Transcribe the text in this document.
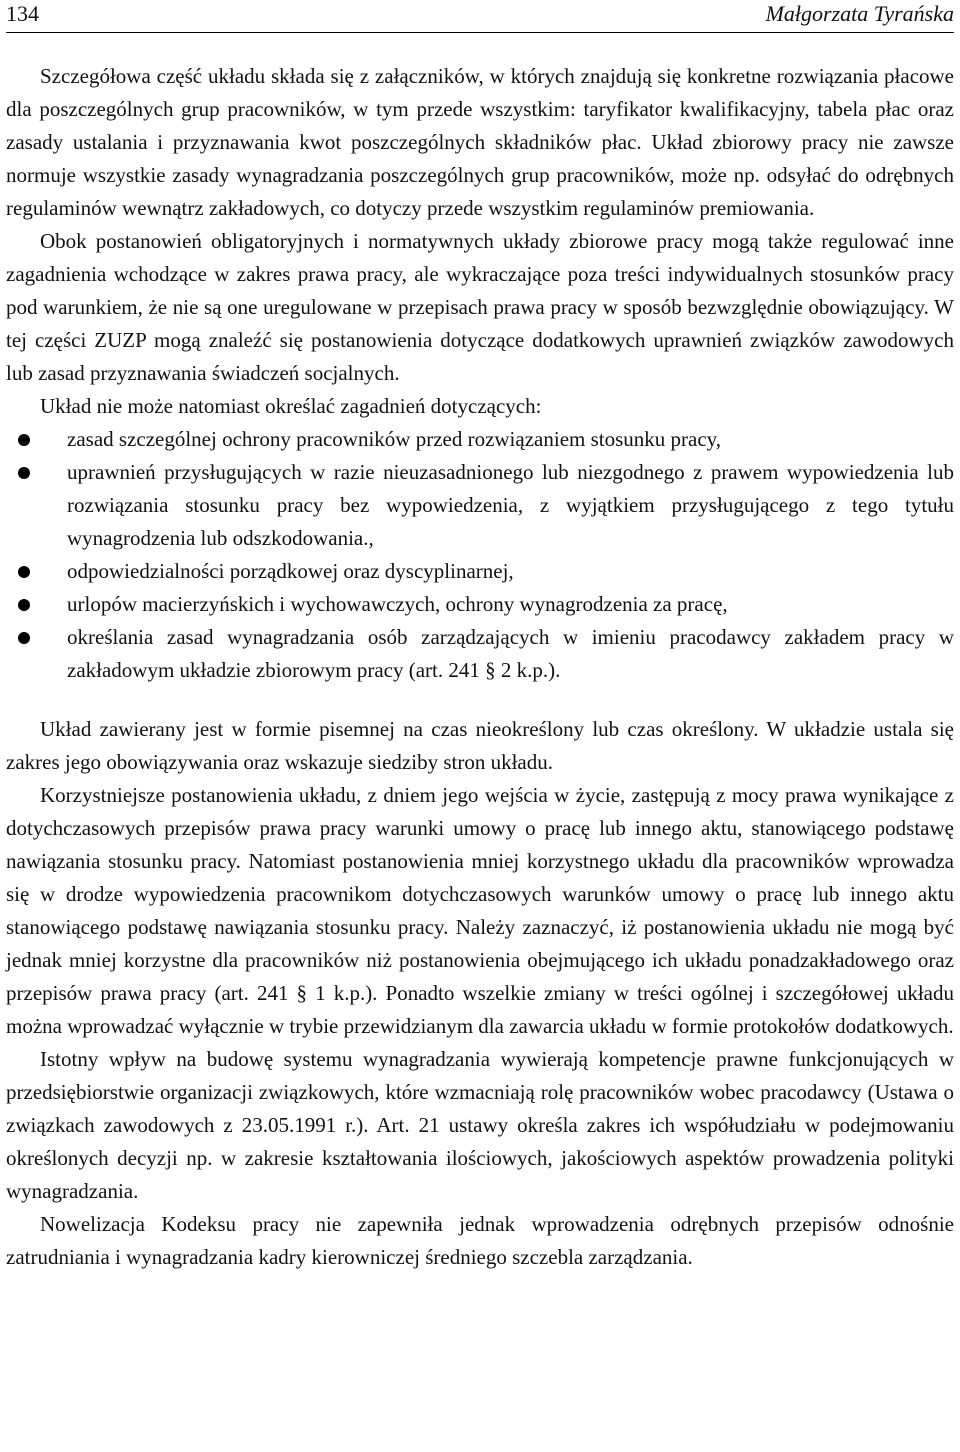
134	Małgorzata Tyrańska

Szczegółowa część układu składa się z załączników, w których znajdują się konkretne rozwiązania płacowe dla poszczególnych grup pracowników, w tym przede wszystkim: taryfikator kwalifikacyjny, tabela płac oraz zasady ustalania i przyznawania kwot poszczególnych składników płac. Układ zbiorowy pracy nie zawsze normuje wszystkie zasady wynagradzania poszczególnych grup pracowników, może np. odsyłać do odrębnych regulaminów wewnątrz zakładowych, co dotyczy przede wszystkim regulaminów premiowania.

Obok postanowień obligatoryjnych i normatywnych układy zbiorowe pracy mogą także regulować inne zagadnienia wchodzące w zakres prawa pracy, ale wykraczające poza treści indywidualnych stosunków pracy pod warunkiem, że nie są one uregulowane w przepisach prawa pracy w sposób bezwzględnie obowiązujący. W tej części ZUZP mogą znaleźć się postanowienia dotyczące dodatkowych uprawnień związków zawodowych lub zasad przyznawania świadczeń socjalnych.

Układ nie może natomiast określać zagadnień dotyczących:

zasad szczególnej ochrony pracowników przed rozwiązaniem stosunku pracy,
uprawnień przysługujących w razie nieuzasadnionego lub niezgodnego z prawem wypowiedzenia lub rozwiązania stosunku pracy bez wypowiedzenia, z wyjątkiem przysługującego z tego tytułu wynagrodzenia lub odszkodowania.,
odpowiedzialności porządkowej oraz dyscyplinarnej,
urlopów macierzyńskich i wychowawczych, ochrony wynagrodzenia za pracę,
określania zasad wynagradzania osób zarządzających w imieniu pracodawcy zakładem pracy w zakładowym układzie zbiorowym pracy (art. 241 § 2 k.p.).

Układ zawierany jest w formie pisemnej na czas nieokreślony lub czas określony. W układzie ustala się zakres jego obowiązywania oraz wskazuje siedziby stron układu.

Korzystniejsze postanowienia układu, z dniem jego wejścia w życie, zastępują z mocy prawa wynikające z dotychczasowych przepisów prawa pracy warunki umowy o pracę lub innego aktu, stanowiącego podstawę nawiązania stosunku pracy. Natomiast postanowienia mniej korzystnego układu dla pracowników wprowadza się w drodze wypowiedzenia pracownikom dotychczasowych warunków umowy o pracę lub innego aktu stanowiącego podstawę nawiązania stosunku pracy. Należy zaznaczyć, iż postanowienia układu nie mogą być jednak mniej korzystne dla pracowników niż postanowienia obejmującego ich układu ponadzakładowego oraz przepisów prawa pracy (art. 241 § 1 k.p.). Ponadto wszelkie zmiany w treści ogólnej i szczegółowej układu można wprowadzać wyłącznie w trybie przewidzianym dla zawarcia układu w formie protokołów dodatkowych.

Istotny wpływ na budowę systemu wynagradzania wywierają kompetencje prawne funkcjonujących w przedsiębiorstwie organizacji związkowych, które wzmacniają rolę pracowników wobec pracodawcy (Ustawa o związkach zawodowych z 23.05.1991 r.). Art. 21 ustawy określa zakres ich współudziału w podejmowaniu określonych decyzji np. w zakresie kształtowania ilościowych, jakościowych aspektów prowadzenia polityki wynagradzania.

Nowelizacja Kodeksu pracy nie zapewniła jednak wprowadzenia odrębnych przepisów odnośnie zatrudniania i wynagradzania kadry kierowniczej średniego szczebla zarządzania.
